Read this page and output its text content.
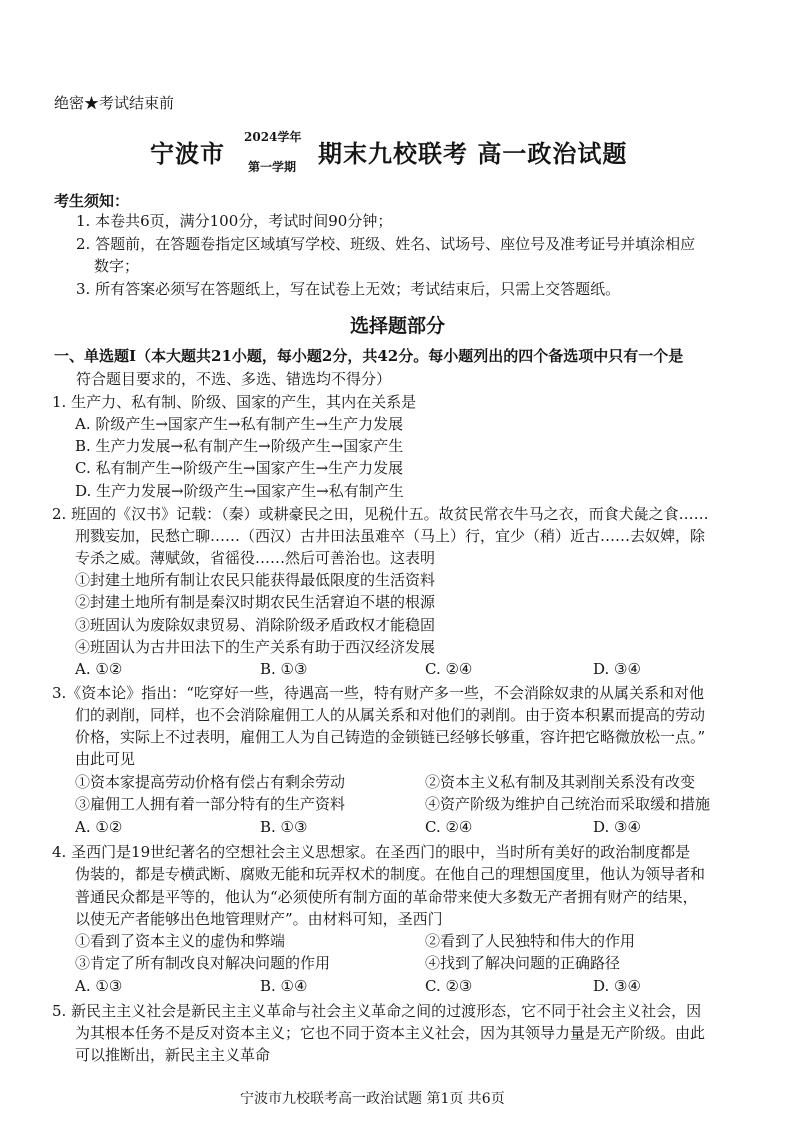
绝密★考试结束前
宁波市
2024学年
第一学期 期末九校联考 高一政治试题
考生须知：
1. 本卷共6页，满分100分，考试时间90分钟；
2. 答题前，在答题卷指定区域填写学校、班级、姓名、试场号、座位号及准考证号并填涂相应
数字；
3. 所有答案必须写在答题纸上，写在试卷上无效；考试结束后，只需上交答题纸。
选择题部分
一、单选题Ⅰ（本大题共21小题，每小题2分，共42分。每小题列出的四个备选项中只有一个是
符合题目要求的，不选、多选、错选均不得分）
1. 生产力、私有制、阶级、国家的产生，其内在关系是
A. 阶级产生→国家产生→私有制产生→生产力发展
B. 生产力发展→私有制产生→阶级产生→国家产生
C. 私有制产生→阶级产生→国家产生→生产力发展
D. 生产力发展→阶级产生→国家产生→私有制产生
2. 班固的《汉书》记载：（秦）或耕豪民之田，见税什五。故贫民常衣牛马之衣，而食犬彘之食……
刑戮妄加，民愁亡聊……（西汉）古井田法虽难卒（马上）行，宜少（稍）近古……去奴婢，除
专杀之威。薄赋敛，省徭役……然后可善治也。这表明
①封建土地所有制让农民只能获得最低限度的生活资料
②封建土地所有制是秦汉时期农民生活窘迫不堪的根源
③班固认为废除奴隶贸易、消除阶级矛盾政权才能稳固
④班固认为古井田法下的生产关系有助于西汉经济发展
A. ①②	B. ①③	C. ②④	D. ③④
3.《资本论》指出：“吃穿好一些，待遇高一些，特有财产多一些，不会消除奴隶的从属关系和对他
们的剥削，同样，也不会消除雇佣工人的从属关系和对他们的剥削。由于资本积累而提高的劳动
价格，实际上不过表明，雇佣工人为自己铸造的金锁链已经够长够重，容许把它略微放松一点。”
由此可见
①资本家提高劳动价格有偿占有剩余劳动	②资本主义私有制及其剥削关系没有改变
③雇佣工人拥有着一部分特有的生产资料	④资产阶级为维护自己统治而采取缓和措施
A. ①②	B. ①③	C. ②④	D. ③④
4. 圣西门是19世纪著名的空想社会主义思想家。在圣西门的眼中，当时所有美好的政治制度都是
伪装的，都是专横武断、腐败无能和玩弄权术的制度。在他自己的理想国度里，他认为领导者和
普通民众都是平等的，他认为“必须使所有制方面的革命带来使大多数无产者拥有财产的结果，
以使无产者能够出色地管理财产”。由材料可知，圣西门
①看到了资本主义的虚伪和弊端	②看到了人民独特和伟大的作用
③肯定了所有制改良对解决问题的作用	④找到了解决问题的正确路径
A. ①③	B. ①④	C. ②③	D. ③④
5. 新民主主义社会是新民主主义革命与社会主义革命之间的过渡形态，它不同于社会主义社会，因
为其根本任务不是反对资本主义；它也不同于资本主义社会，因为其领导力量是无产阶级。由此
可以推断出，新民主主义革命
宁波市九校联考高一政治试题 第1页 共6页
